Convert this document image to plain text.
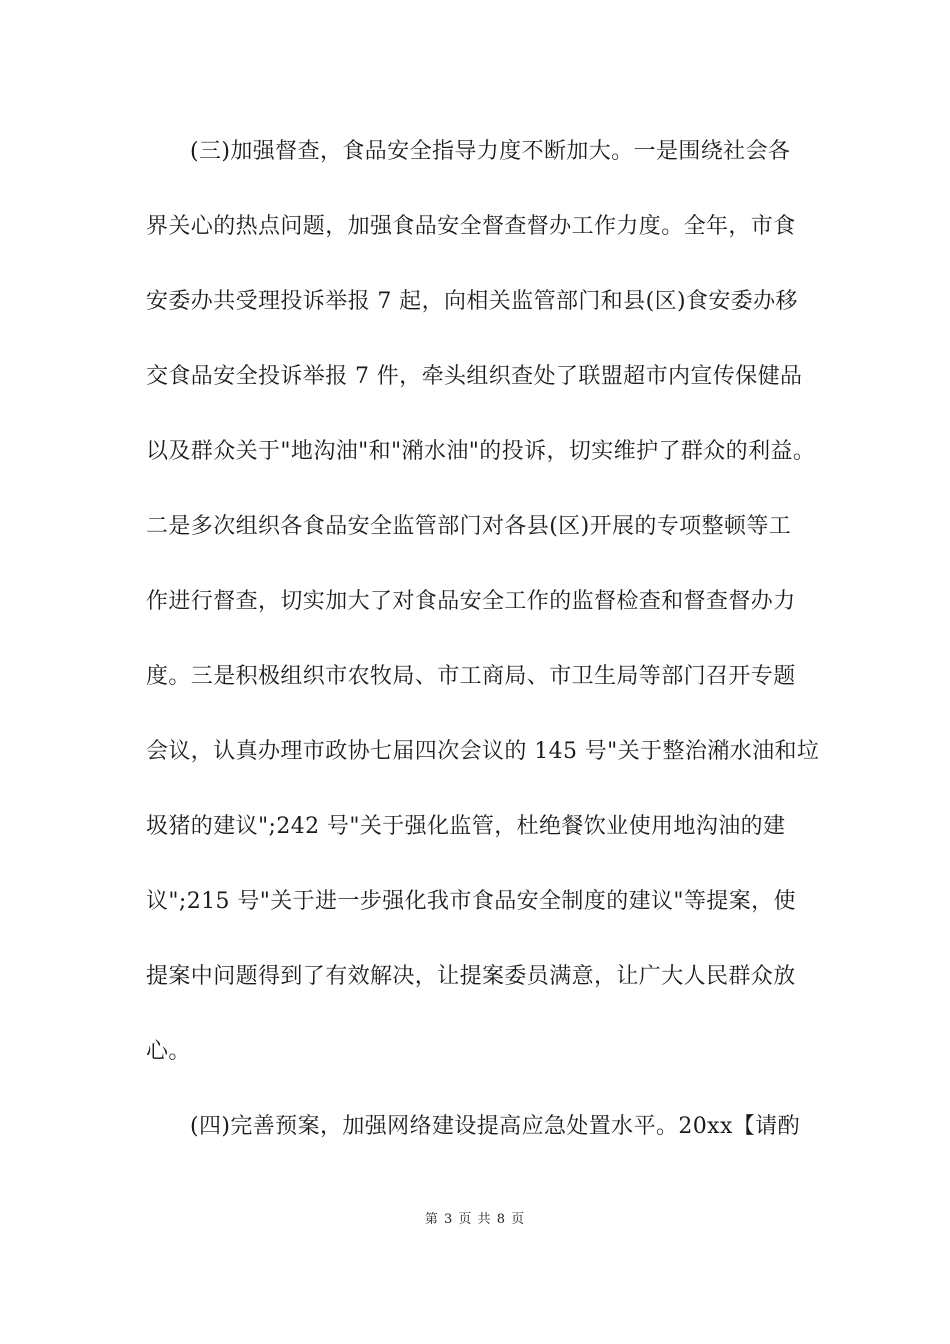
(三)加强督查，食品安全指导力度不断加大。一是围绕社会各
界关心的热点问题，加强食品安全督查督办工作力度。全年，市食
安委办共受理投诉举报 7 起，向相关监管部门和县(区)食安委办移
交食品安全投诉举报 7 件，牵头组织查处了联盟超市内宣传保健品
以及群众关于"地沟油"和"潲水油"的投诉，切实维护了群众的利益。
二是多次组织各食品安全监管部门对各县(区)开展的专项整顿等工
作进行督查，切实加大了对食品安全工作的监督检查和督查督办力
度。三是积极组织市农牧局、市工商局、市卫生局等部门召开专题
会议，认真办理市政协七届四次会议的 145 号"关于整治潲水油和垃
圾猪的建议";242 号"关于强化监管，杜绝餐饮业使用地沟油的建
议";215 号"关于进一步强化我市食品安全制度的建议"等提案，使
提案中问题得到了有效解决，让提案委员满意，让广大人民群众放
心。
(四)完善预案，加强网络建设提高应急处置水平。20xx【请酌
第 3 页 共 8 页
